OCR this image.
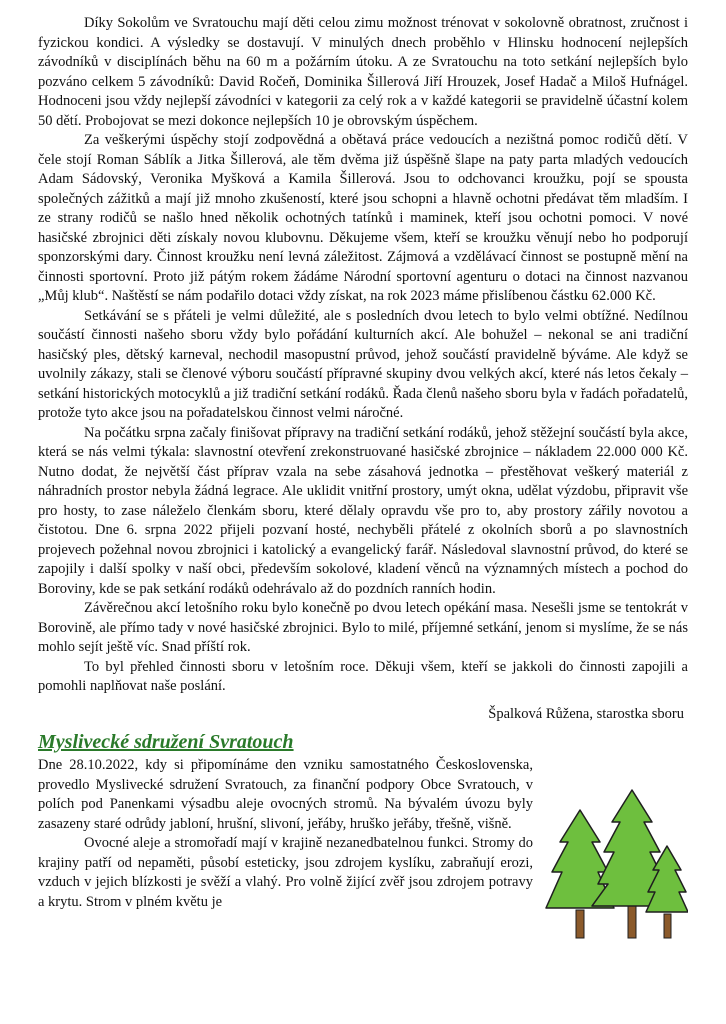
Díky Sokolům ve Svratouchu mají děti celou zimu možnost trénovat v sokolovně obratnost, zručnost i fyzickou kondici. A výsledky se dostavují. V minulých dnech proběhlo v Hlinsku hodnocení nejlepších závodníků v disciplínách běhu na 60 m a požárním útoku. A ze Svratouchu na toto setkání nejlepších bylo pozváno celkem 5 závodníků: David Ročeň, Dominika Šillerová Jiří Hrouzek, Josef Hadač a Miloš Hufnágel. Hodnoceni jsou vždy nejlepší závodníci v kategorii za celý rok a v každé kategorii se pravidelně účastní kolem 50 dětí. Probojovat se mezi dokonce nejlepších 10 je obrovským úspěchem.

Za veškerými úspěchy stojí zodpovědná a obětavá práce vedoucích a nezištná pomoc rodičů dětí. V čele stojí Roman Sáblík a Jitka Šillerová, ale těm dvěma již úspěšně šlape na paty parta mladých vedoucích Adam Sádovský, Veronika Myšková a Kamila Šillerová. Jsou to odchovanci kroužku, pojí se spousta společných zážitků a mají již mnoho zkušeností, které jsou schopni a hlavně ochotni předávat těm mladším. I ze strany rodičů se našlo hned několik ochotných tatínků i maminek, kteří jsou ochotni pomoci. V nové hasičské zbrojnici děti získaly novou klubovnu. Děkujeme všem, kteří se kroužku věnují nebo ho podporují sponzorskými dary. Činnost kroužku není levná záležitost. Zájmová a vzdělávací činnost se postupně mění na činnosti sportovní. Proto již pátým rokem žádáme Národní sportovní agenturu o dotaci na činnost nazvanou „Můj klub“. Naštěstí se nám podařilo dotaci vždy získat, na rok 2023 máme přislíbenou částku 62.000 Kč.

Setkávání se s přáteli je velmi důležité, ale s posledních dvou letech to bylo velmi obtížné. Nedílnou součástí činnosti našeho sboru vždy bylo pořádání kulturních akcí. Ale bohužel – nekonal se ani tradiční hasičský ples, dětský karneval, nechodil masopustní průvod, jehož součástí pravidelně býváme. Ale když se uvolnily zákazy, stali se členové výboru součástí přípravné skupiny dvou velkých akcí, které nás letos čekaly – setkání historických motocyklů a již tradiční setkání rodáků. Řada členů našeho sboru byla v řadách pořadatelů, protože tyto akce jsou na pořadatelskou činnost velmi náročné.

Na počátku srpna začaly finišovat přípravy na tradiční setkání rodáků, jehož stěžejní součástí byla akce, která se nás velmi týkala: slavnostní otevření zrekonstruované hasičské zbrojnice – nákladem 22.000 000 Kč. Nutno dodat, že největší část příprav vzala na sebe zásahová jednotka – přestěhovat veškerý materiál z náhradních prostor nebyla žádná legrace. Ale uklidit vnitřní prostory, umýt okna, udělat výzdobu, připravit vše pro hosty, to zase náleželo členkám sboru, které dělaly opravdu vše pro to, aby prostory zářily novotou a čistotou. Dne 6. srpna 2022 přijeli pozvaní hosté, nechyběli přátelé z okolních sborů a po slavnostních projevech požehnal novou zbrojnici i katolický a evangelický farář. Následoval slavnostní průvod, do které se zapojily i další spolky v naší obci, především sokolové, kladení věnců na významných místech a pochod do Boroviny, kde se pak setkání rodáků odehrávalo až do pozdních ranních hodin.

Závěrečnou akcí letošního roku bylo konečně po dvou letech opékání masa. Nesešli jsme se tentokrát v Borovině, ale přímo tady v nové hasičské zbrojnici. Bylo to milé, příjemné setkání, jenom si myslíme, že se nás mohlo sejít ještě víc. Snad příští rok.

To byl přehled činnosti sboru v letošním roce. Děkuji všem, kteří se jakkoli do činnosti zapojili a pomohli naplňovat naše poslání.

Špalková Růžena, starostka sboru
Myslivecké sdružení Svratouch

Dne 28.10.2022, kdy si připomínáme den vzniku samostatného Československa, provedlo Myslivecké sdružení Svratouch, za finanční podpory Obce Svratouch, v polích pod Panenkami výsadbu aleje ovocných stromů. Na bývalém úvozu byly zasazeny staré odrůdy jabloní, hrušní, slivoní, jeřáby, hruško jeřáby, třešně, višně.

Ovocné aleje a stromořadí mají v krajině nezanedbatelnou funkci. Stromy do krajiny patří od nepaměti, působí esteticky, jsou zdrojem kyslíku, zabraňují erozi, vzduch v jejich blízkosti je svěží a vlahý. Pro volně žijící zvěř jsou zdrojem potravy a krytu. Strom v plném květu je
